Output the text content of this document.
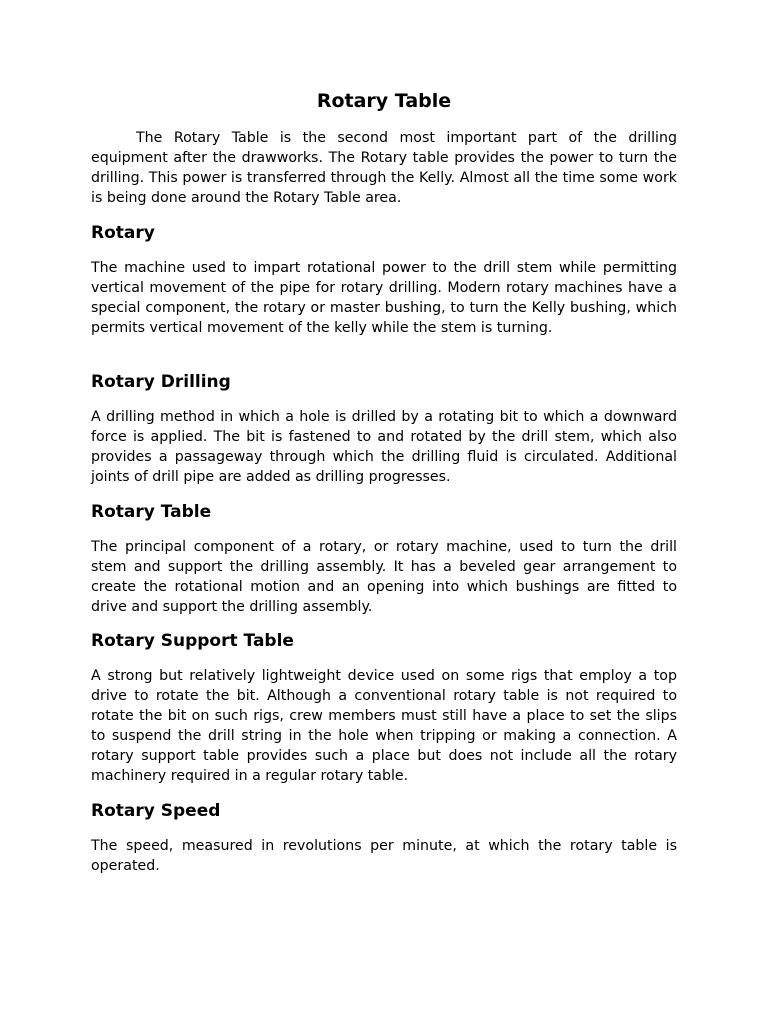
Rotary Table

The Rotary Table is the second most important part of the drilling equipment after the drawworks. The Rotary table provides the power to turn the drilling. This power is transferred through the Kelly. Almost all the time some work is being done around the Rotary Table area.

Rotary

The machine used to impart rotational power to the drill stem while permitting vertical movement of the pipe for rotary drilling. Modern rotary machines have a special component, the rotary or master bushing, to turn the Kelly bushing, which permits vertical movement of the kelly while the stem is turning.

Rotary Drilling

A drilling method in which a hole is drilled by a rotating bit to which a downward force is applied. The bit is fastened to and rotated by the drill stem, which also provides a passageway through which the drilling fluid is circulated. Additional joints of drill pipe are added as drilling progresses.

Rotary Table

The principal component of a rotary, or rotary machine, used to turn the drill stem and support the drilling assembly. It has a beveled gear arrangement to create the rotational motion and an opening into which bushings are fitted to drive and support the drilling assembly.

Rotary Support Table

A strong but relatively lightweight device used on some rigs that employ a top drive to rotate the bit. Although a conventional rotary table is not required to rotate the bit on such rigs, crew members must still have a place to set the slips to suspend the drill string in the hole when tripping or making a connection. A rotary support table provides such a place but does not include all the rotary machinery required in a regular rotary table.

Rotary Speed

The speed, measured in revolutions per minute, at which the rotary table is operated.
